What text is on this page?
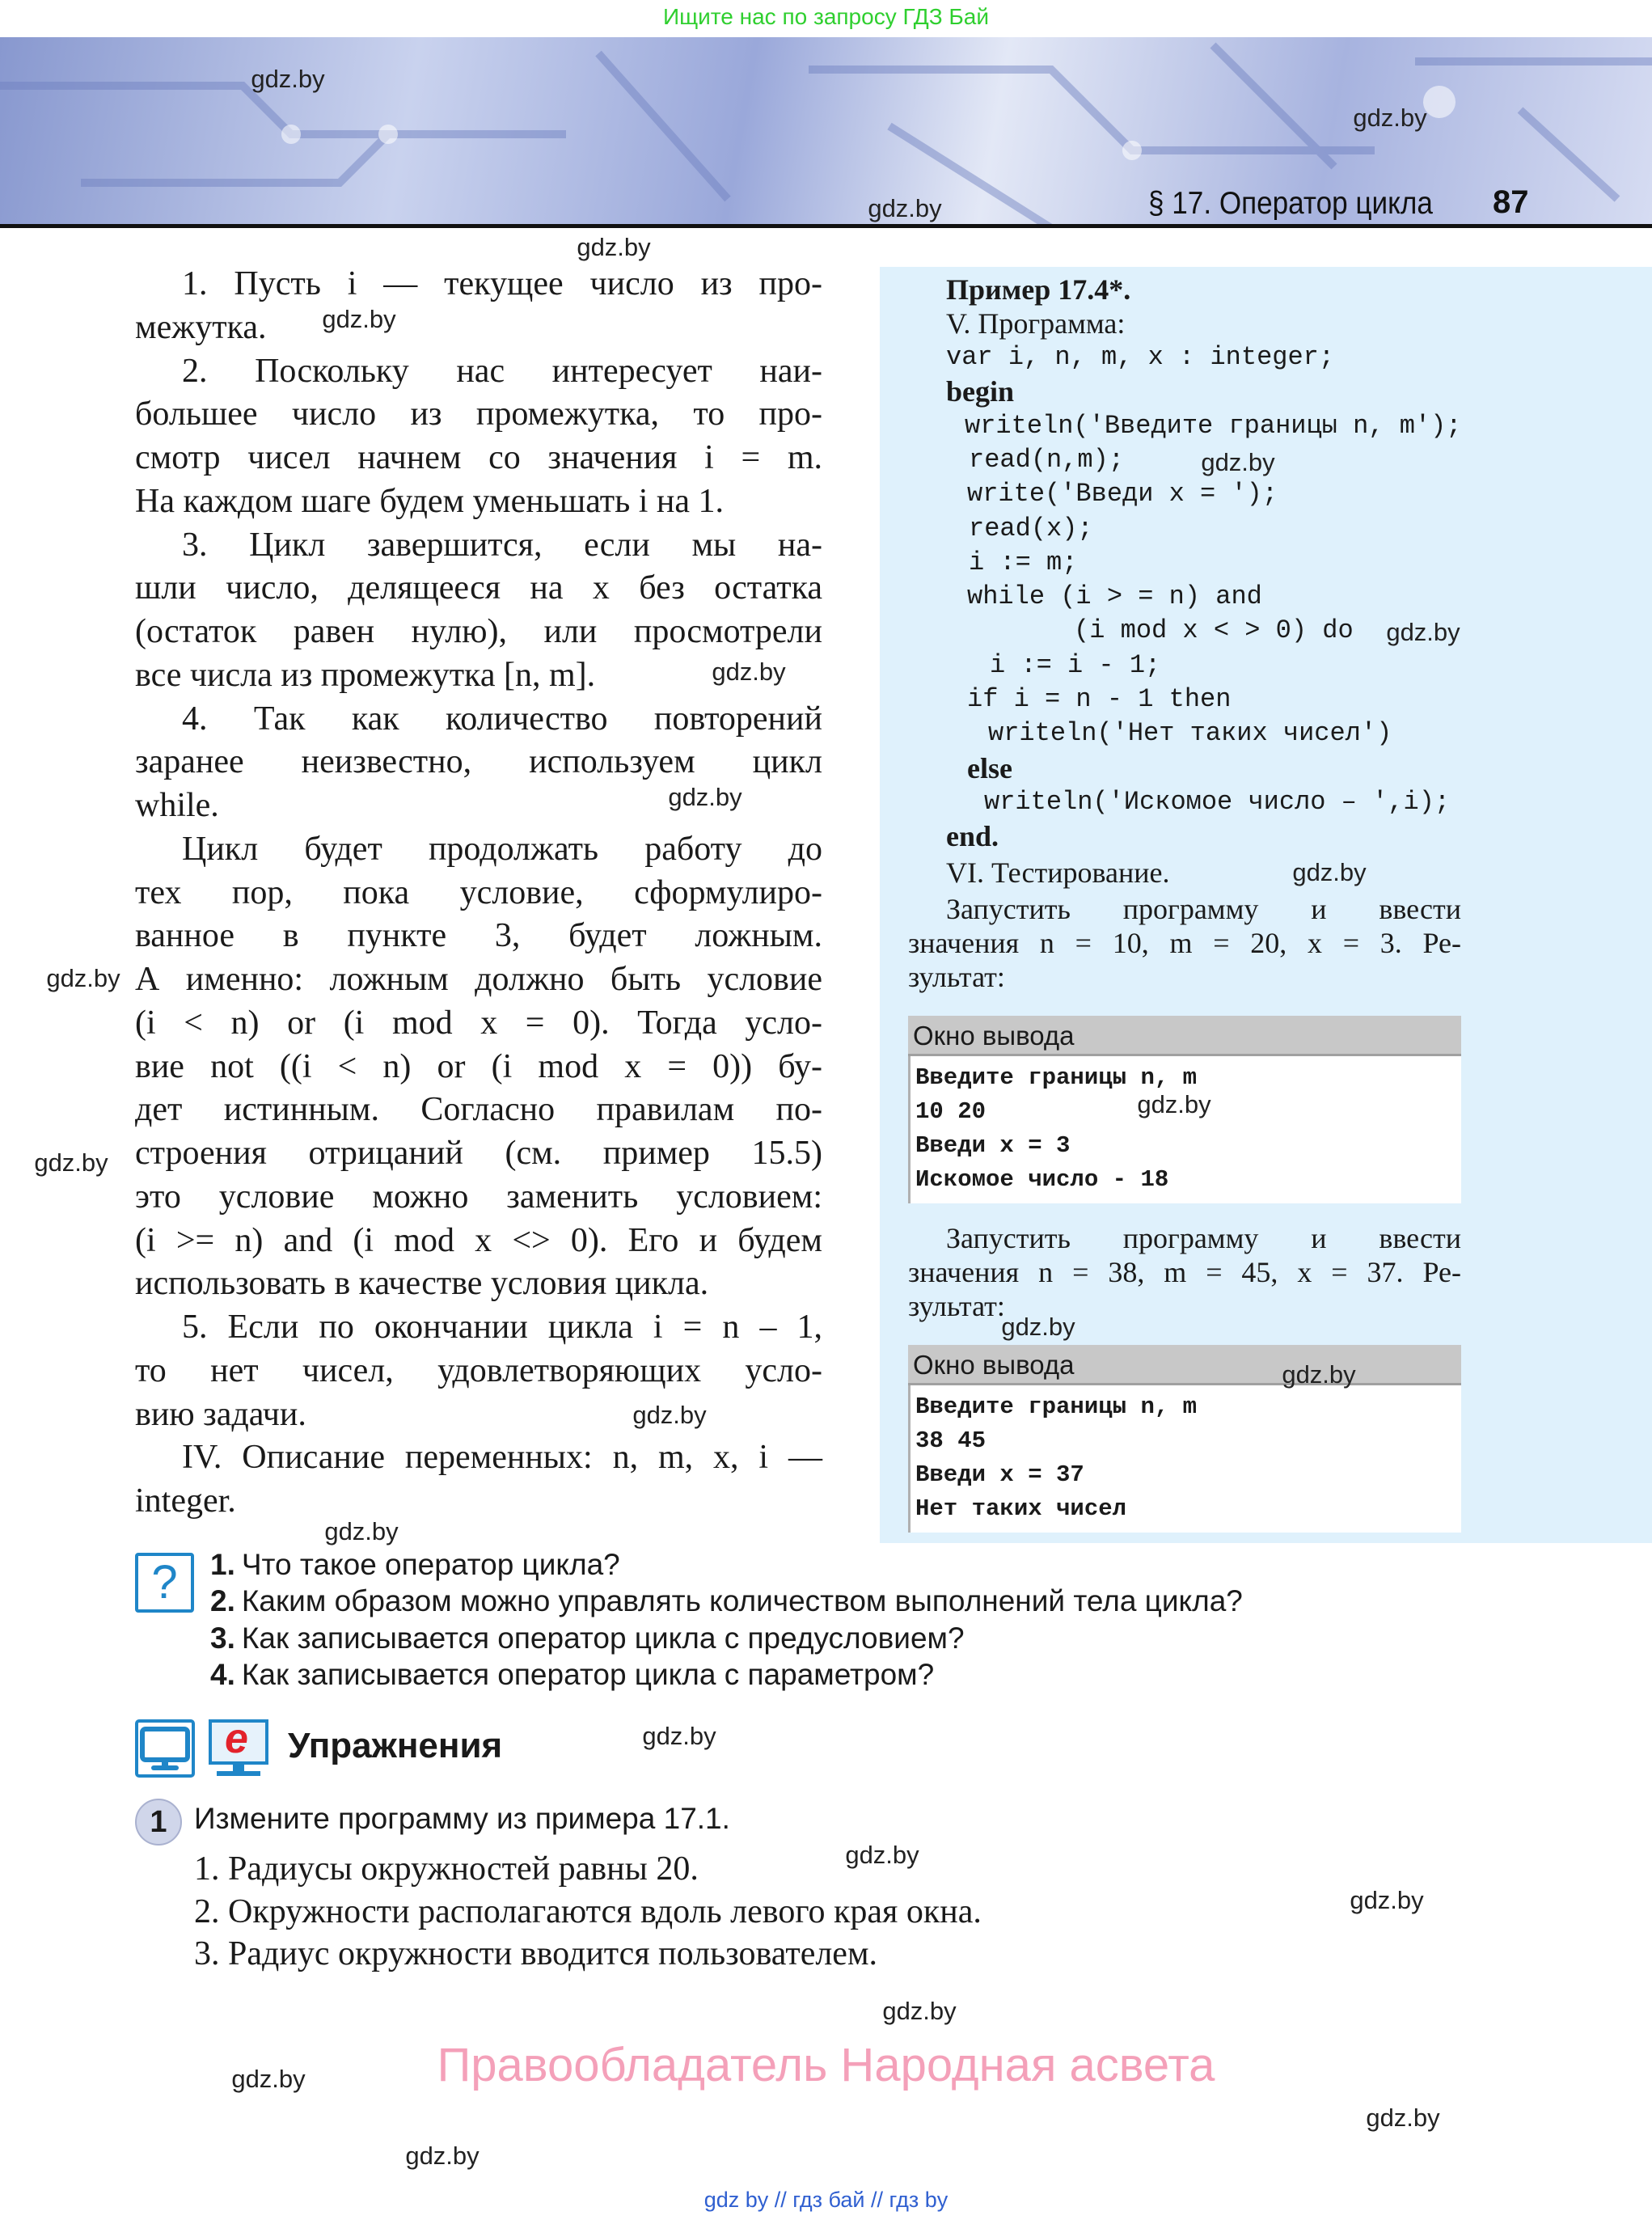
Ищите нас по запросу ГДЗ Бай
§ 17. Оператор цикла 87
1. Пусть i — текущее число из про-
межутка.
2. Поскольку нас интересует наи-
большее число из промежутка, то про-
смотр чисел начнем со значения i = m.
На каждом шаге будем уменьшать i на 1.
3. Цикл завершится, если мы на-
шли число, делящееся на x без остатка
(остаток равен нулю), или просмотрели
все числа из промежутка [n, m].
4. Так как количество повторений
заранее неизвестно, используем цикл
while.
Цикл будет продолжать работу до
тех пор, пока условие, сформулиро-
ванное в пункте 3, будет ложным.
А именно: ложным должно быть условие
(i < n) or (i mod x = 0). Тогда усло-
вие not ((i < n) or (i mod x = 0)) бу-
дет истинным. Согласно правилам по-
строения отрицаний (см. пример 15.5)
это условие можно заменить условием:
(i >= n) and (i mod x <> 0). Его и будем
использовать в качестве условия цикла.
5. Если по окончании цикла i = n – 1,
то нет чисел, удовлетворяющих усло-
вию задачи.
IV. Описание переменных: n, m, x, i —
integer.
Пример 17.4*.
V. Программа:
var i, n, m, x : integer;
begin
writeln('Введите границы n, m');
read(n,m);
write('Введи x = ');
read(x);
i := m;
while (i > = n) and
(i mod x < > 0) do
i := i - 1;
if i = n - 1 then
writeln('Нет таких чисел')
else
writeln('Искомое число – ',i);
end.
VI. Тестирование.
Запустить программу и ввести
значения n = 10, m = 20, x = 3. Ре-
зультат:
Окно вывода
Введите границы n, m
10 20
Введи x = 3
Искомое число - 18
Запустить программу и ввести
значения n = 38, m = 45, x = 37. Ре-
зультат:
Окно вывода
Введите границы n, m
38 45
Введи x = 37
Нет таких чисел
?	1. Что такое оператор цикла?
2. Каким образом можно управлять количеством выполнений тела цикла?
3. Как записывается оператор цикла с предусловием?
4. Как записывается оператор цикла с параметром?
e Упражнения
1 Измените программу из примера 17.1.
1. Радиусы окружностей равны 20.
2. Окружности располагаются вдоль левого края окна.
3. Радиус окружности вводится пользователем.
Правообладатель Народная асвета
gdz by // гдз бай // гдз by
gdz.by
gdz.by
gdz.by
gdz.by
gdz.by
gdz.by
gdz.by
gdz.by
gdz.by
gdz.by
gdz.by
gdz.by
gdz.by
gdz.by
gdz.by
gdz.by
gdz.by
gdz.by
gdz.by
gdz.by
gdz.by
gdz.by
gdz.by
gdz.by
